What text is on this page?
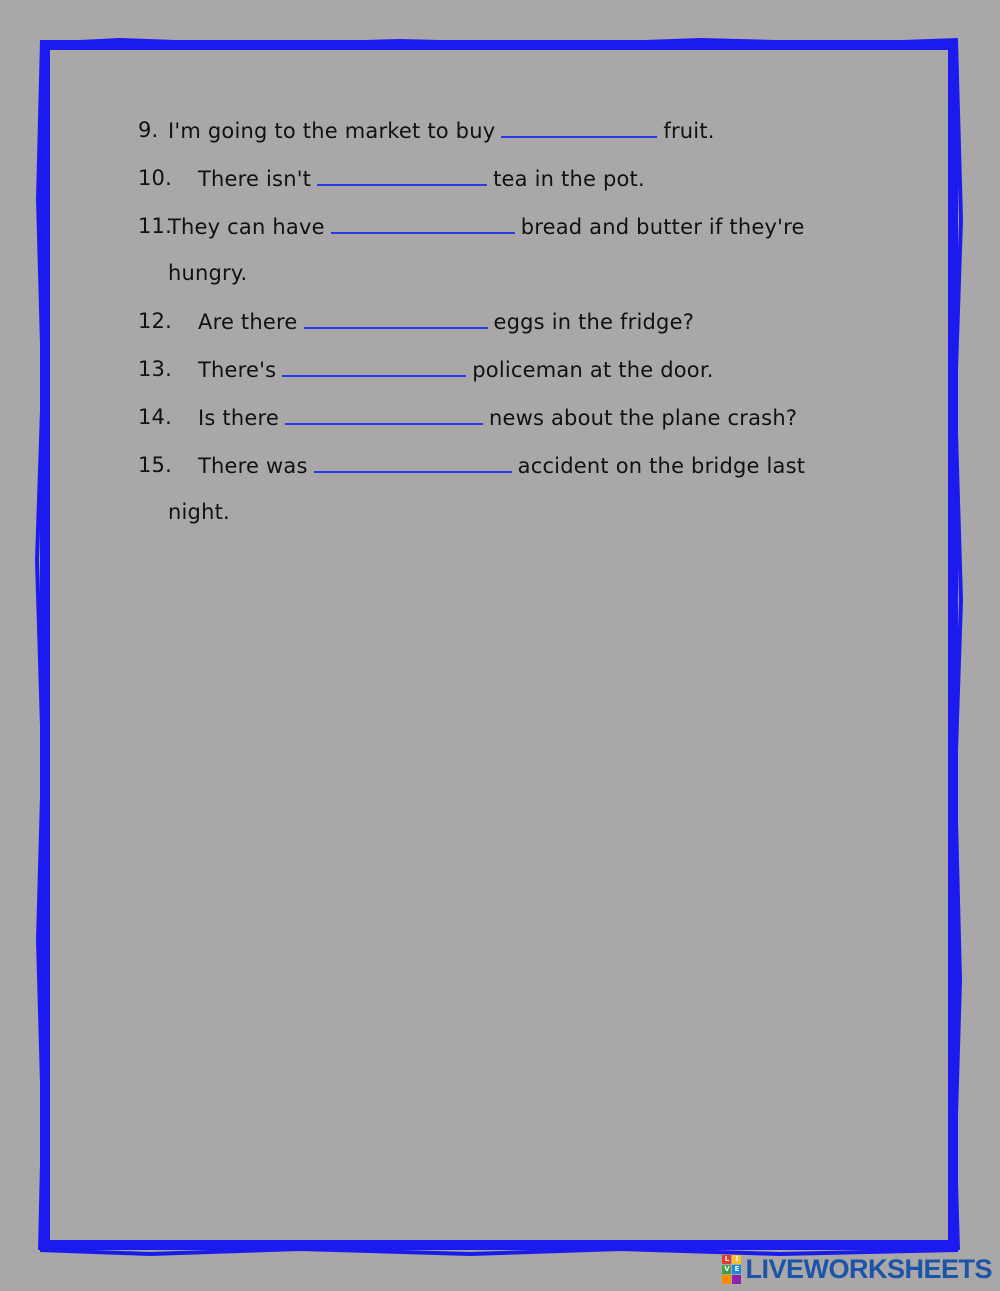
9. I'm going to the market to buy	fruit.
10. There isn't	tea in the pot.
11.
They can have	bread and butter if they're
hungry.
12. Are there	eggs in the fridge?
13. There's	policeman at the door.
14. Is there	news about the plane crash?
15. There was	accident on the bridge last
night.
L I
V E LIVEWORKSHEETS
